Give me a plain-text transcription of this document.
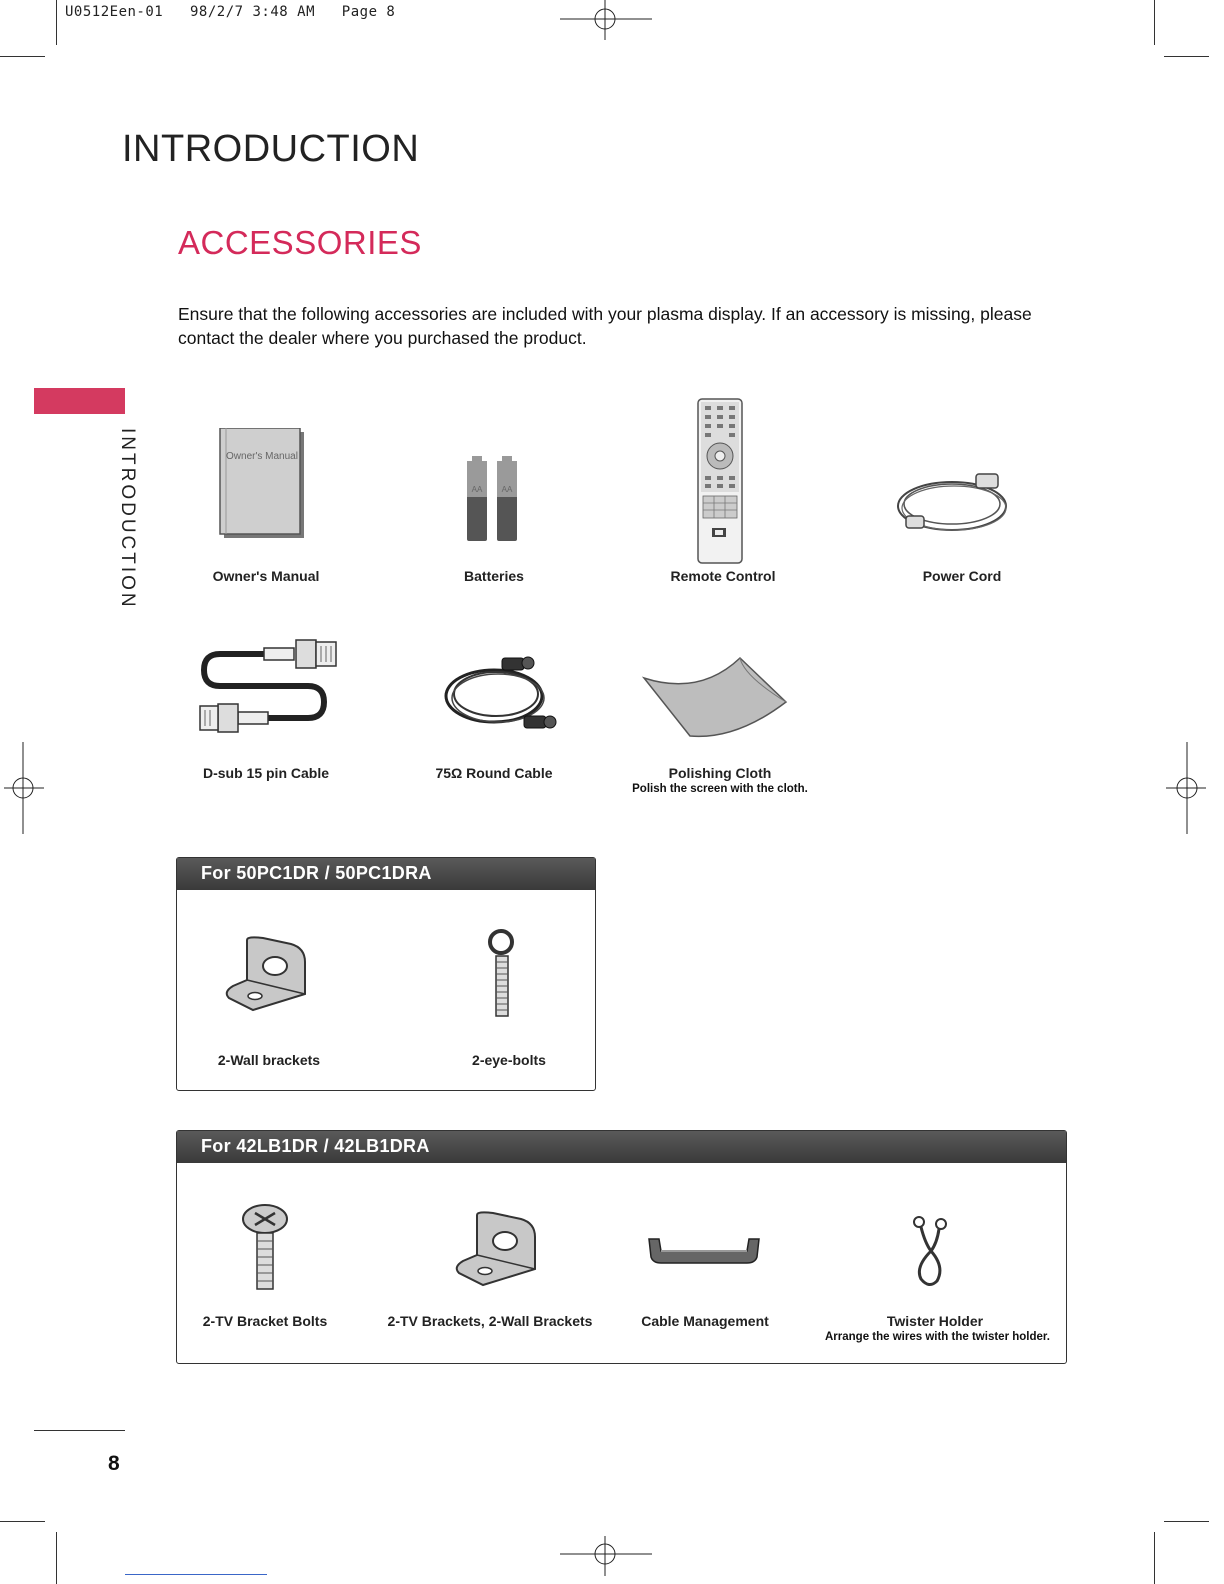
U0512Een-01   98/2/7 3:48 AM   Page 8
INTRODUCTION
ACCESSORIES
Ensure that the following accessories are included with your plasma display. If an accessory is missing, please contact the dealer where you purchased the product.
INTRODUCTION	Owner's Manual
Owner's Manual
AA AA
Batteries	Remote Control	Power Cord
D-sub 15 pin Cable	75Ω Round Cable	Polishing Cloth
Polish the screen with the cloth.
For 50PC1DR / 50PC1DRA
2-Wall brackets	2-eye-bolts
For 42LB1DR / 42LB1DRA
2-TV Bracket Bolts	2-TV Brackets, 2-Wall Brackets	Cable Management	Twister Holder
Arrange the wires with the twister holder.
8
